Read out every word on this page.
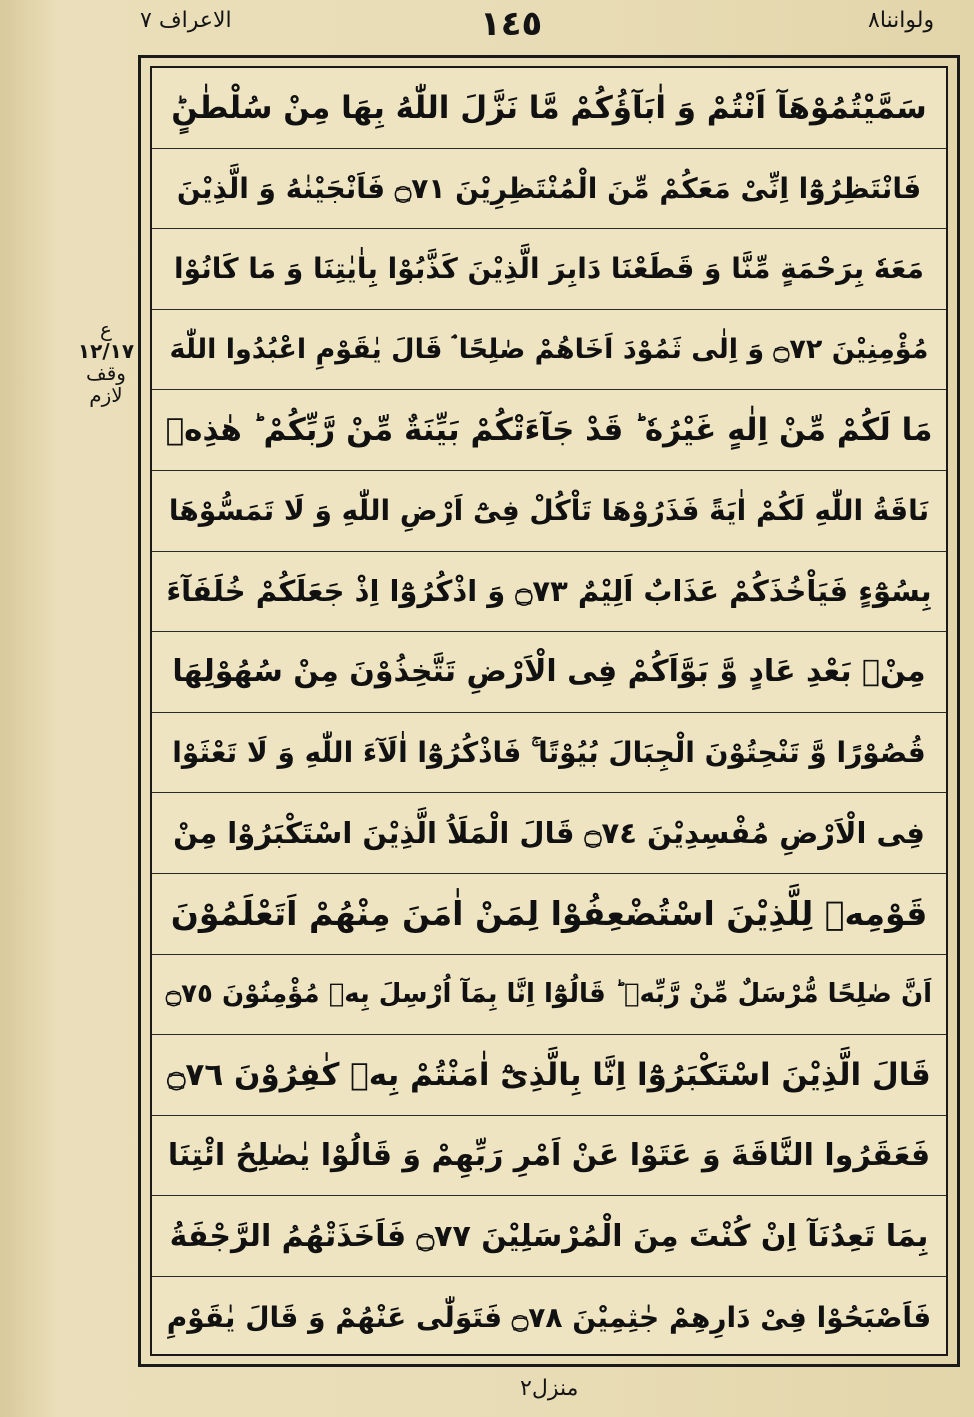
الاعراف ٧	١٤٥	ولواننا٨
ع
١٢/١٧
وقف لازم
سَمَّيْتُمُوْهَآ اَنْتُمْ وَ اٰبَآؤُكُمْ مَّا نَزَّلَ اللّٰهُ بِهَا مِنْ سُلْطٰنٍؕ
فَانْتَظِرُوْٓا اِنِّیْ مَعَكُمْ مِّنَ الْمُنْتَظِرِیْنَ ۝٧١ فَاَنْجَیْنٰهُ وَ الَّذِیْنَ
مَعَهٗ بِرَحْمَةٍ مِّنَّا وَ قَطَعْنَا دَابِرَ الَّذِیْنَ كَذَّبُوْا بِاٰیٰتِنَا وَ مَا كَانُوْا
مُؤْمِنِیْنَ ۝٧٢ وَ اِلٰى ثَمُوْدَ اَخَاهُمْ صٰلِحًا ۘ قَالَ یٰقَوْمِ اعْبُدُوا اللّٰهَ
مَا لَكُمْ مِّنْ اِلٰهٍ غَیْرُهٗ ؕ قَدْ جَآءَتْكُمْ بَیِّنَةٌ مِّنْ رَّبِّكُمْ ؕ هٰذِهٖ
نَاقَةُ اللّٰهِ لَكُمْ اٰیَةً فَذَرُوْهَا تَاْكُلْ فِیْٓ اَرْضِ اللّٰهِ وَ لَا تَمَسُّوْهَا
بِسُوْٓءٍ فَیَاْخُذَكُمْ عَذَابٌ اَلِیْمٌ ۝٧٣ وَ اذْكُرُوْٓا اِذْ جَعَلَكُمْ خُلَفَآءَ
مِنْۢ بَعْدِ عَادٍ وَّ بَوَّاَكُمْ فِی الْاَرْضِ تَتَّخِذُوْنَ مِنْ سُهُوْلِهَا
قُصُوْرًا وَّ تَنْحِتُوْنَ الْجِبَالَ بُیُوْتًا ۚ فَاذْكُرُوْٓا اٰلَآءَ اللّٰهِ وَ لَا تَعْثَوْا
فِی الْاَرْضِ مُفْسِدِیْنَ ۝٧٤ قَالَ الْمَلَاُ الَّذِیْنَ اسْتَكْبَرُوْا مِنْ
قَوْمِهٖ لِلَّذِیْنَ اسْتُضْعِفُوْا لِمَنْ اٰمَنَ مِنْهُمْ اَتَعْلَمُوْنَ
اَنَّ صٰلِحًا مُّرْسَلٌ مِّنْ رَّبِّهٖ ؕ قَالُوْٓا اِنَّا بِمَآ اُرْسِلَ بِهٖ مُؤْمِنُوْنَ ۝٧٥
قَالَ الَّذِیْنَ اسْتَكْبَرُوْٓا اِنَّا بِالَّذِیْٓ اٰمَنْتُمْ بِهٖ كٰفِرُوْنَ ۝٧٦
فَعَقَرُوا النَّاقَةَ وَ عَتَوْا عَنْ اَمْرِ رَبِّهِمْ وَ قَالُوْا یٰصٰلِحُ ائْتِنَا
بِمَا تَعِدُنَآ اِنْ كُنْتَ مِنَ الْمُرْسَلِیْنَ ۝٧٧ فَاَخَذَتْهُمُ الرَّجْفَةُ
فَاَصْبَحُوْا فِیْ دَارِهِمْ جٰثِمِیْنَ ۝٧٨ فَتَوَلّٰى عَنْهُمْ وَ قَالَ یٰقَوْمِ
منزل٢
